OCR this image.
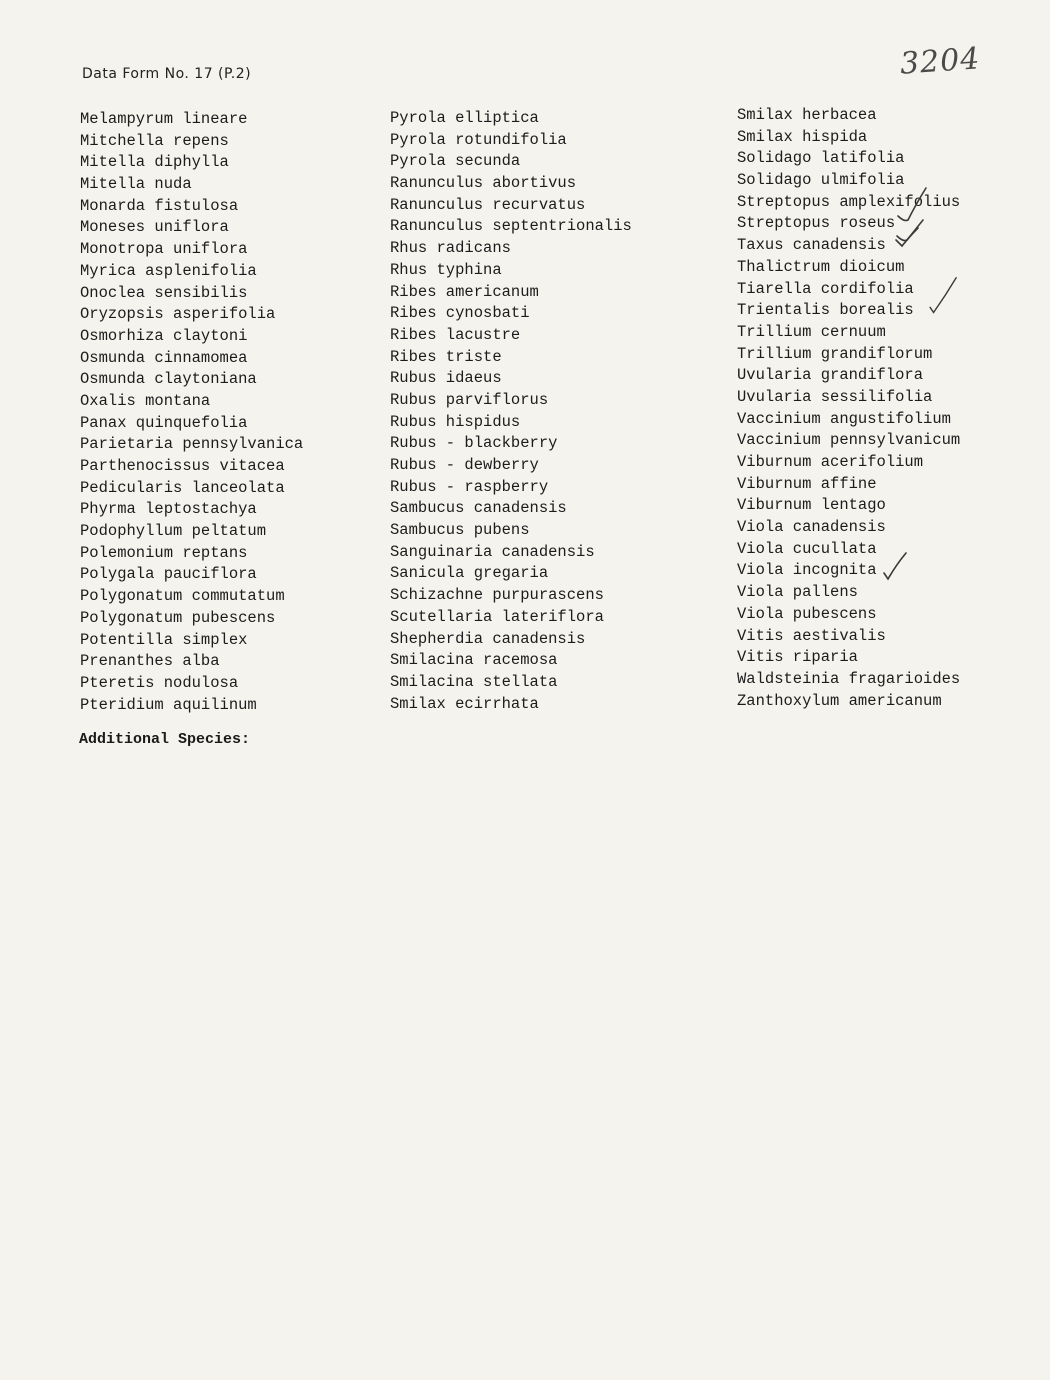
Data Form No. 17 (P.2)	3204
Melampyrum lineare
Mitchella repens
Mitella diphylla
Mitella nuda
Monarda fistulosa
Moneses uniflora
Monotropa uniflora
Myrica asplenifolia
Onoclea sensibilis
Oryzopsis asperifolia
Osmorhiza claytoni
Osmunda cinnamomea
Osmunda claytoniana
Oxalis montana
Panax quinquefolia
Parietaria pennsylvanica
Parthenocissus vitacea
Pedicularis lanceolata
Phyrma leptostachya
Podophyllum peltatum
Polemonium reptans
Polygala pauciflora
Polygonatum commutatum
Polygonatum pubescens
Potentilla simplex
Prenanthes alba
Pteretis nodulosa
Pteridium aquilinum
Pyrola elliptica
Pyrola rotundifolia
Pyrola secunda
Ranunculus abortivus
Ranunculus recurvatus
Ranunculus septentrionalis
Rhus radicans
Rhus typhina
Ribes americanum
Ribes cynosbati
Ribes lacustre
Ribes triste
Rubus idaeus
Rubus parviflorus
Rubus hispidus
Rubus - blackberry
Rubus - dewberry
Rubus - raspberry
Sambucus canadensis
Sambucus pubens
Sanguinaria canadensis
Sanicula gregaria
Schizachne purpurascens
Scutellaria lateriflora
Shepherdia canadensis
Smilacina racemosa
Smilacina stellata
Smilax ecirrhata
Smilax herbacea
Smilax hispida
Solidago latifolia
Solidago ulmifolia
Streptopus amplexifolius
Streptopus roseus
Taxus canadensis
Thalictrum dioicum
Tiarella cordifolia
Trientalis borealis
Trillium cernuum
Trillium grandiflorum
Uvularia grandiflora
Uvularia sessilifolia
Vaccinium angustifolium
Vaccinium pennsylvanicum
Viburnum acerifolium
Viburnum affine
Viburnum lentago
Viola canadensis
Viola cucullata
Viola incognita
Viola pallens
Viola pubescens
Vitis aestivalis
Vitis riparia
Waldsteinia fragarioides
Zanthoxylum americanum
Additional Species:
